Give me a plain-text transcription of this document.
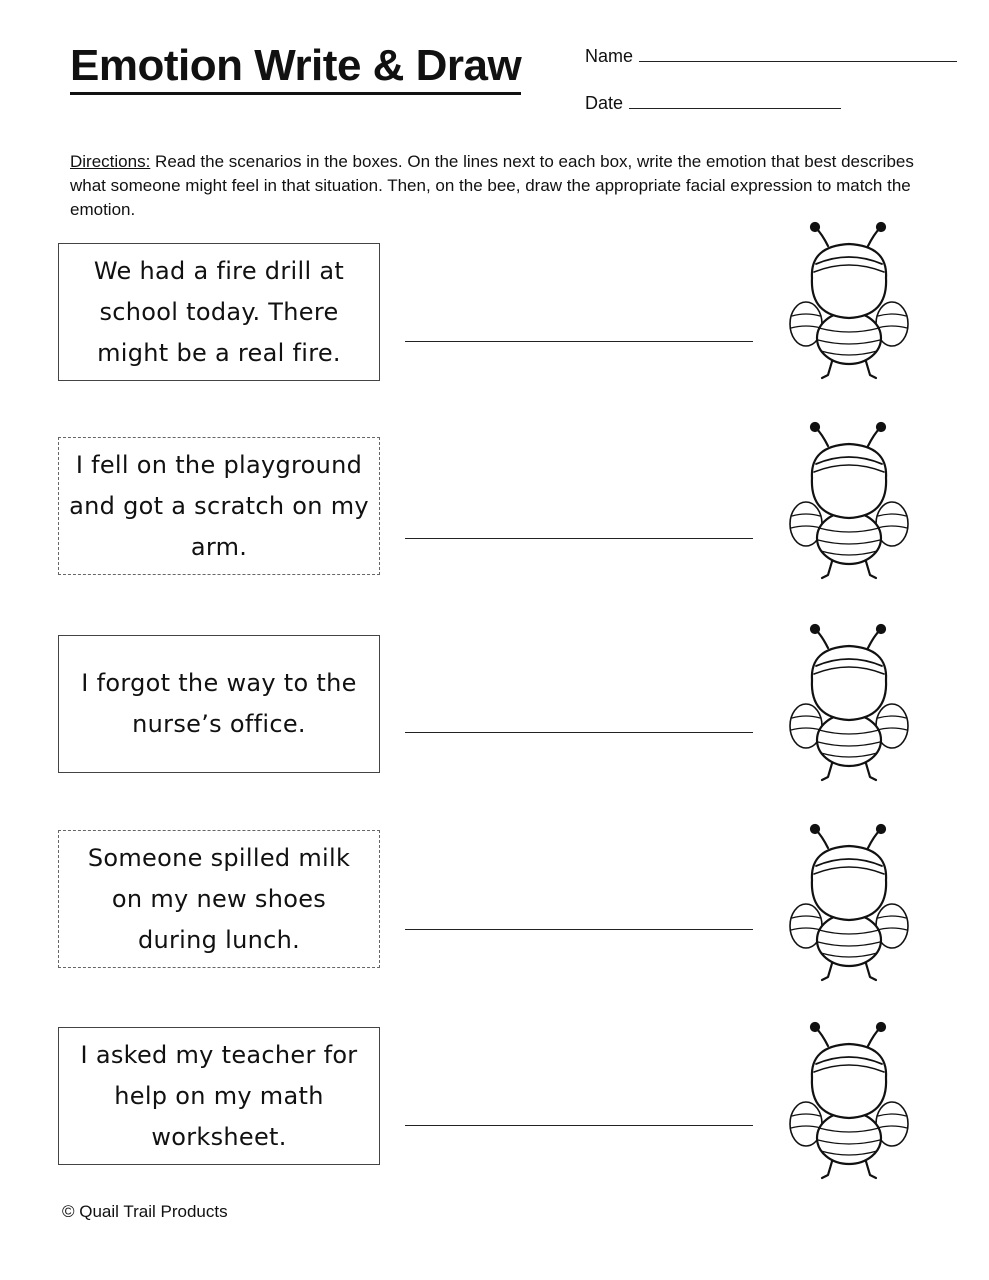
Emotion Write & Draw	Name
Date
Directions: Read the scenarios in the boxes. On the lines next to each box, write the emotion that best describes what someone might feel in that situation. Then, on the bee, draw the appropriate facial expression to match the emotion.
We had a fire drill at school today. There might be a real fire.
I fell on the playground and got a scratch on my arm.
I forgot the way to the nurse’s office.
Someone spilled milk on my new shoes during lunch.
I asked my teacher for help on my math worksheet.
© Quail Trail Products
